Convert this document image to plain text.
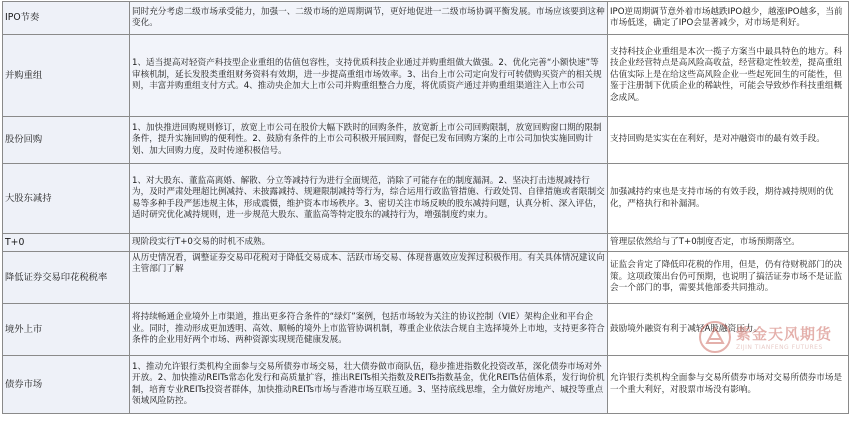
IPO节奏	同时充分考虑二级市场承受能力，加强一、二级市场的逆周期调节，更好地促进一二级市场协调平衡发展。市场应该要到这种变化。	IPO逆周期调节意外着市场越跌IPO越少，越涨IPO越多，当前市场低迷，确定了IPO会显著减少，对市场是利好。
并购重组	1、适当提高对轻资产科技型企业重组的估值包容性，支持优质科技企业通过并购重组做大做强。2、优化完善“小额快速”等审核机制，延长发股类重组财务资料有效期，进一步提高重组市场效率。3、出台上市公司定向发行可转债购买资产的相关规则，丰富并购重组支付方式。4、推动央企加大上市公司并购重组整合力度，将优质资产通过并购重组渠道注入上市公司	支持科技企业重组是本次一揽子方案当中最具特色的地方。科技企业经营特点是高风险高收益，经营稳定性较差，提高重组估值实际上是在给这些高风险企业一些起死回生的可能性，但鉴于注册制下优质企业的稀缺性，可能会导致炒作科技重组概念成风。
股份回购	1、加快推进回购规则修订，放宽上市公司在股价大幅下跌时的回购条件，放宽新上市公司回购限制，放宽回购窗口期的限制条件，提升实施回购的便利性。2、鼓励有条件的上市公司积极开展回购，督促已发布回购方案的上市公司加快实施回购计划、加大回购力度，及时传递积极信号。	支持回购是实实在在利好，是对冲融资市的最有效手段。
大股东减持	1、对大股东、董监高离婚、解散、分立等减持行为进行全面规范，消除了可能存在的制度漏洞。2、坚决打击违规减持行为，及时严肃处理超比例减持、未披露减持、规避限制减持等行为，综合运用行政监管措施、行政处罚、自律措施或者限制交易等多种手段严惩违规主体，形成震慑，维护资本市场秩序。3、密切关注市场反映的股东减持问题，认真分析、深入评估，适时研究优化减持规则，进一步规范大股东、董监高等特定股东的减持行为，增强制度约束力。	加强减持约束也是支持市场的有效手段，期待减持规则的优化，严格执行和补漏洞。
T+0	现阶段实行T+0交易的时机不成熟。	管理层依然给与了T+0制度否定，市场预期落空。
降低证券交易印花税税率	从历史情况看，调整证券交易印花税对于降低交易成本、活跃市场交易、体现普惠效应发挥过积极作用。有关具体情况建议向主管部门了解	证监会肯定了降低印花税的作用，但是，仍有待财税部门的决策。这项政策出台仍可预期，也说明了搞活证券市场不是证监会一个部门的事，需要其他部委共同推动。
境外上市	将持续畅通企业境外上市渠道，推出更多符合条件的“绿灯”案例，包括市场较为关注的协议控制（VIE）架构企业和平台企业。同时，推动形成更加透明、高效、顺畅的境外上市监管协调机制，尊重企业依法合规自主选择境外上市地，支持更多符合条件的企业用好两个市场、两种资源实现规范健康发展。	鼓励境外融资有利于减轻A股融资压力。
债券市场	1、推动允许银行类机构全面参与交易所债券市场交易，壮大债券做市商队伍，稳步推进指数化投资改革，深化债券市场对外开放。2、加快推动REITs常态化发行和高质量扩容，推出REITs相关指数及REITs指数基金，优化REITs估值体系，发行询价机制，培育专业REITs投资者群体，加快推动REITs市场与香港市场互联互通。3、坚持底线思维，全力做好房地产、城投等重点领域风险防控。	允许银行类机构全面参与交易所债券市场对交易所债券市场是一个重大利好，对股票市场没有影响。
紫金天风期货
ZIJIN TIANFENG FUTURES
